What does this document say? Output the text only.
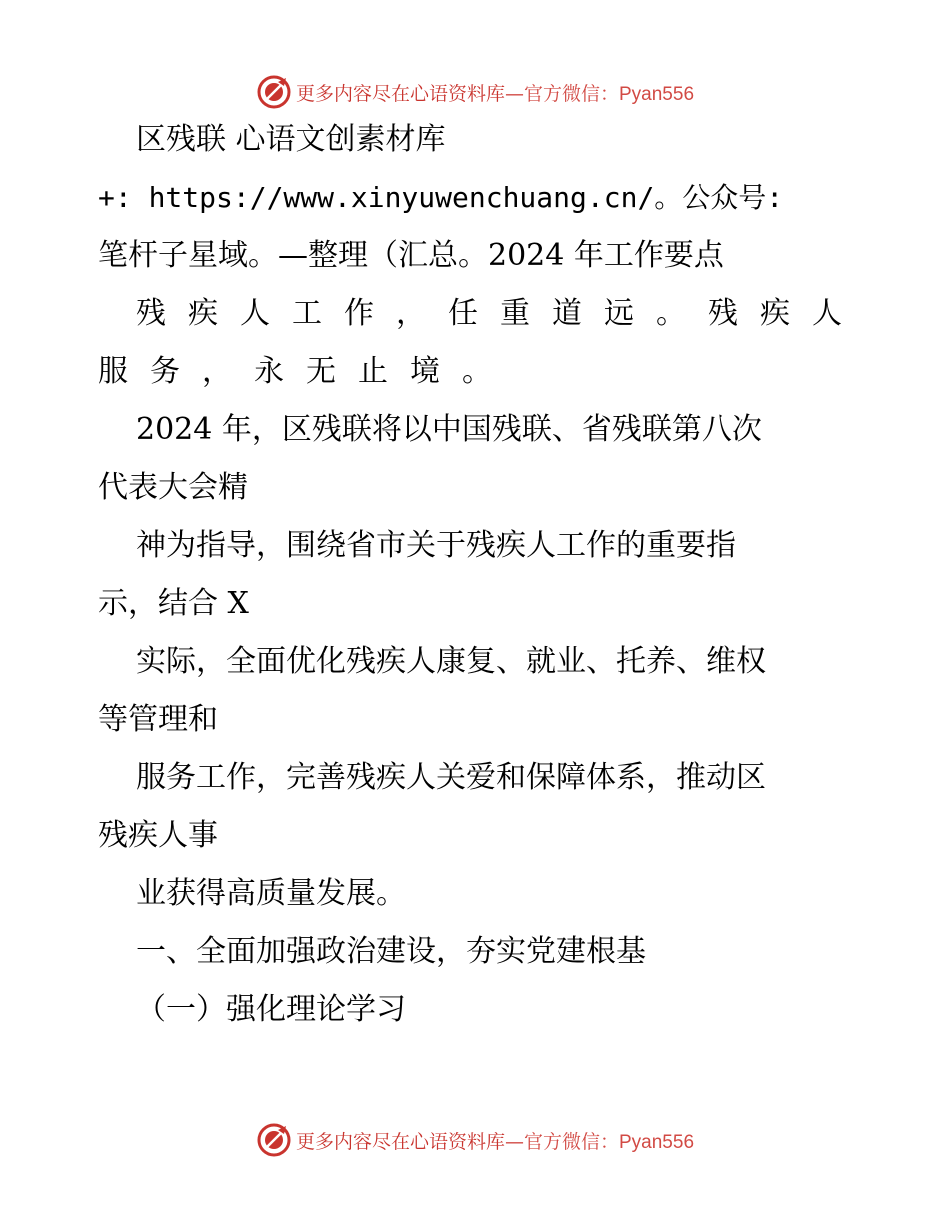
更多内容尽在心语资料库—官方微信：Pyan556
区残联 心语文创素材库
+: https://www.xinyuwenchuang.cn/。公众号:
笔杆子星域。—整理（汇总。2024 年工作要点
残疾人工作，任重道远。残疾人
服务，永无止境。
2024 年，区残联将以中国残联、省残联第八次
代表大会精
神为指导，围绕省市关于残疾人工作的重要指
示，结合 X
实际，全面优化残疾人康复、就业、托养、维权
等管理和
服务工作，完善残疾人关爱和保障体系，推动区
残疾人事
业获得高质量发展。
一、全面加强政治建设，夯实党建根基
（一）强化理论学习
更多内容尽在心语资料库—官方微信：Pyan556
